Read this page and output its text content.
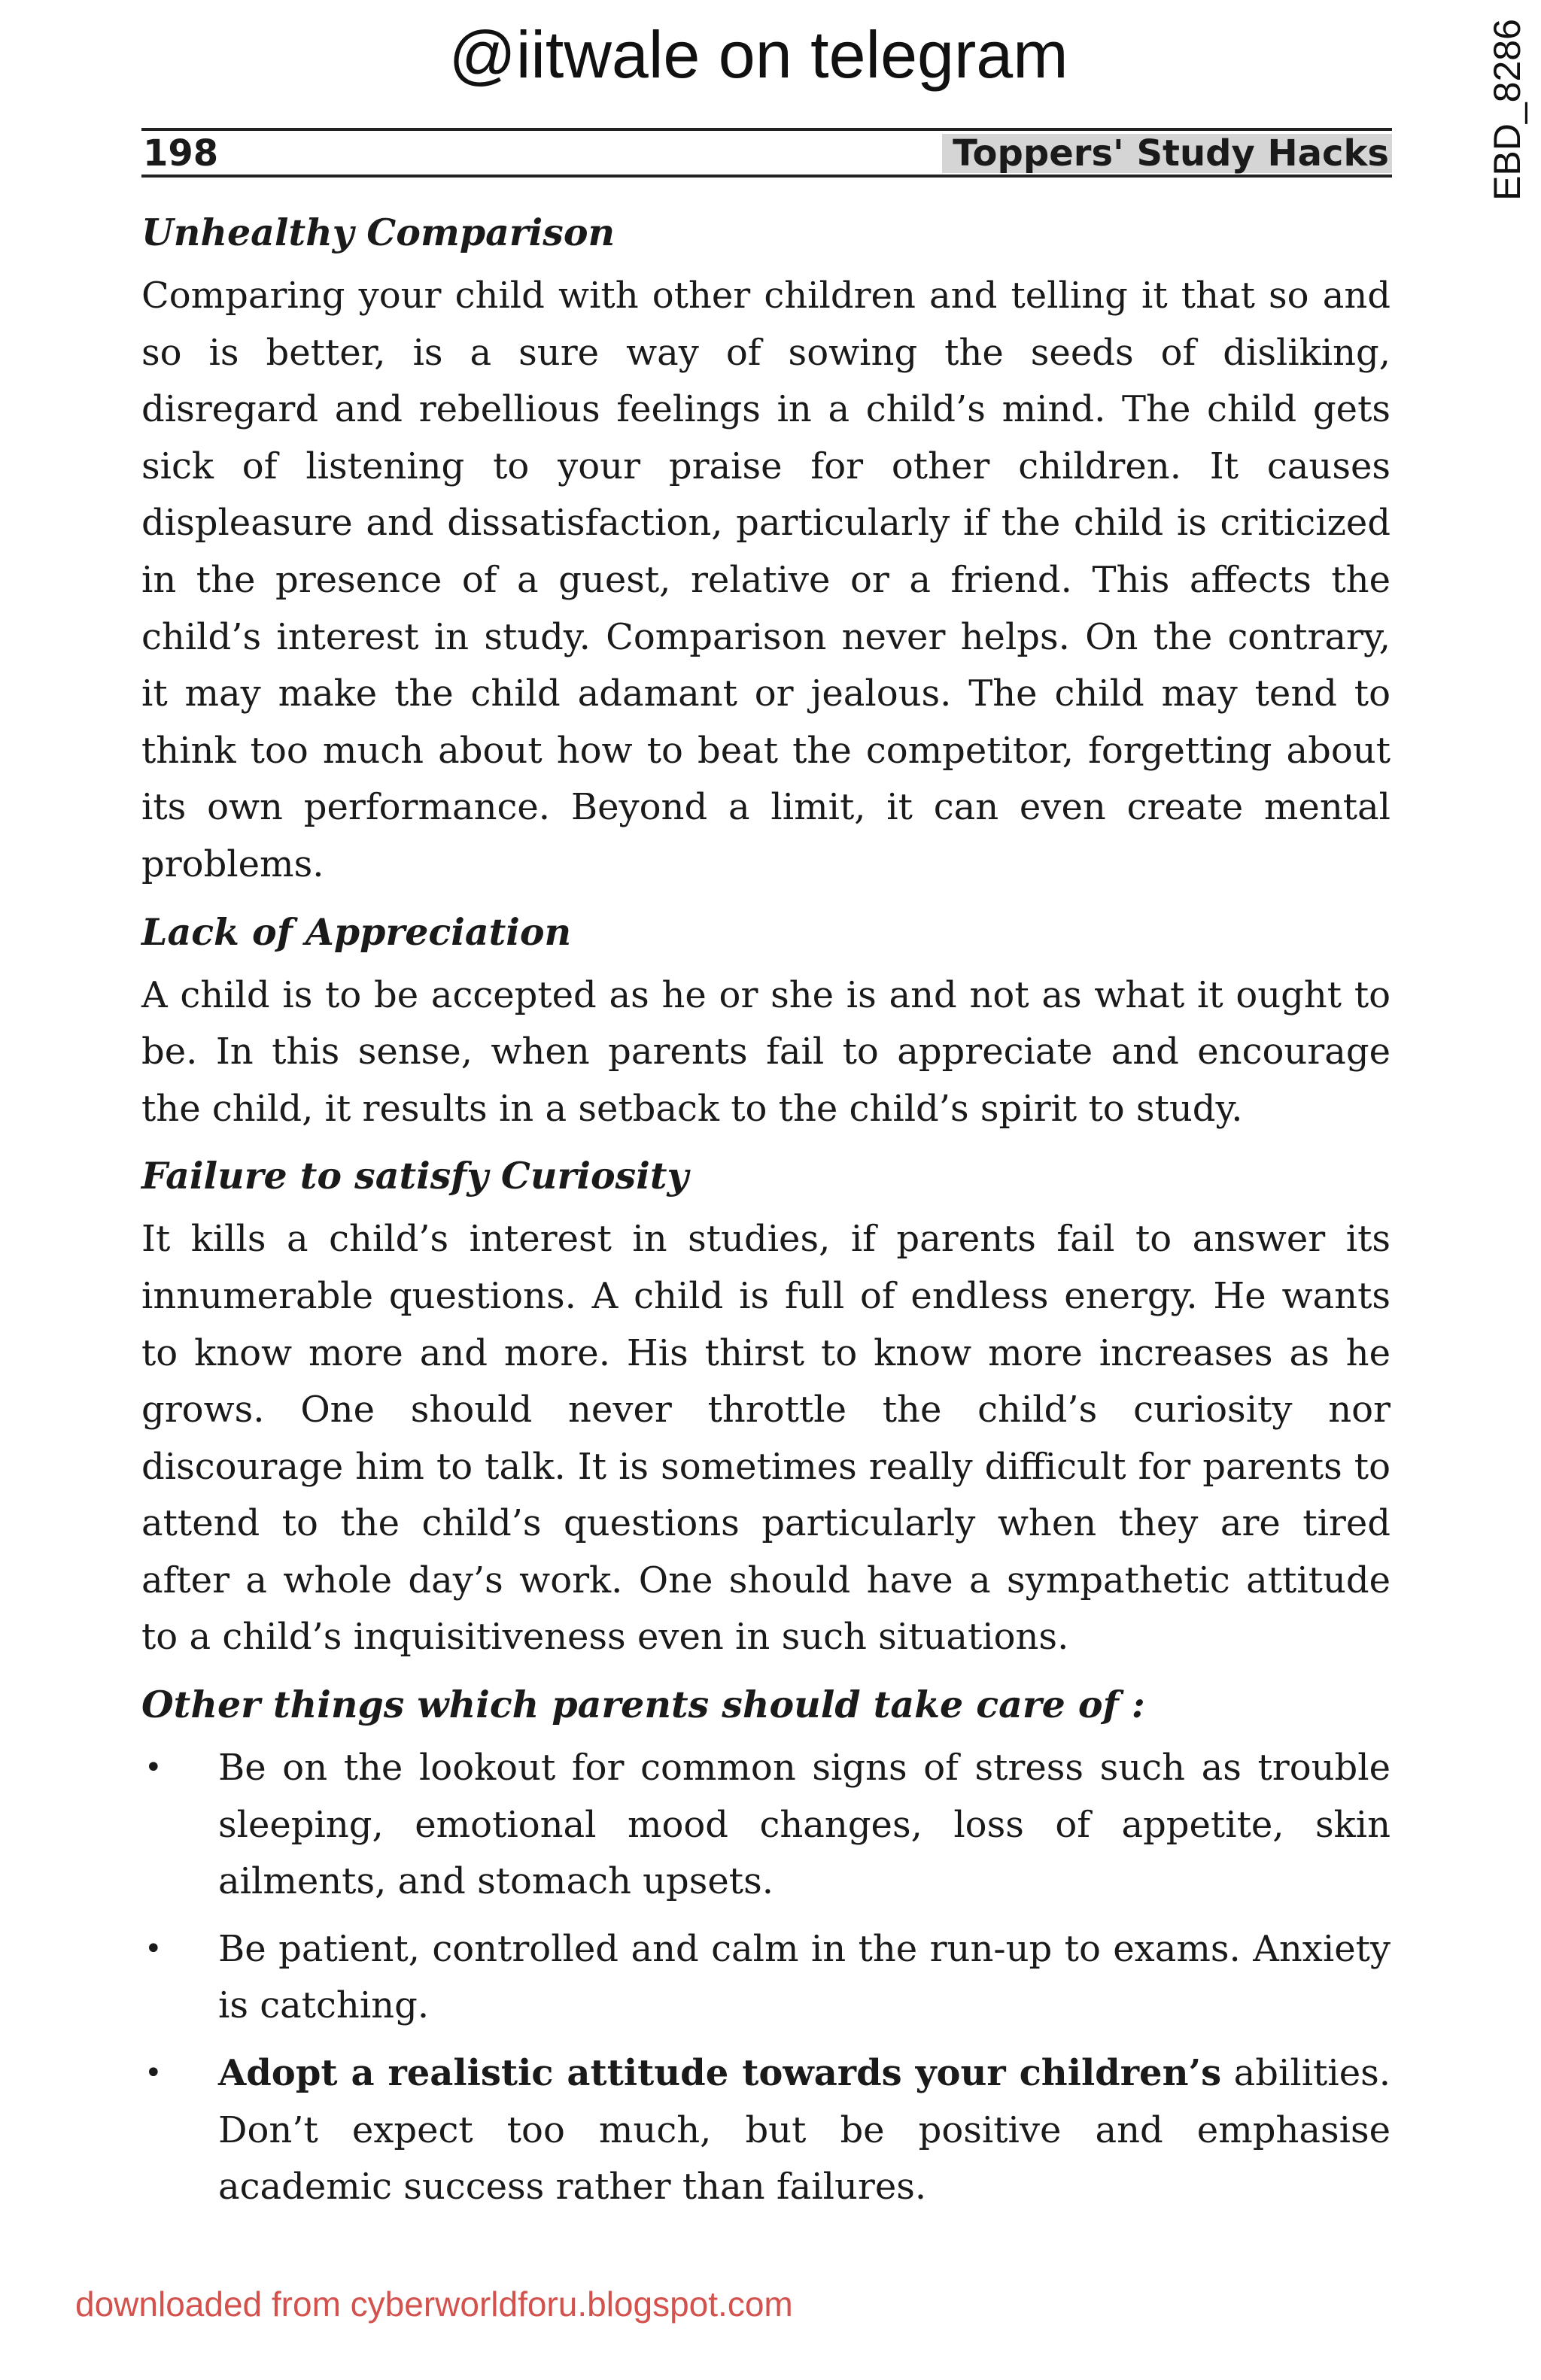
@iitwale on telegram	EBD_8286
198	Toppers' Study Hacks
Unhealthy Comparison

Comparing your child with other children and telling it that so and so is better, is a sure way of sowing the seeds of disliking, disregard and rebellious feelings in a child’s mind. The child gets sick of listening to your praise for other children. It causes displeasure and dissatisfaction, particularly if the child is criticized in the presence of a guest, relative or a friend. This affects the child’s interest in study. Comparison never helps. On the contrary, it may make the child adamant or jealous. The child may tend to think too much about how to beat the competitor, forgetting about its own performance. Beyond a limit, it can even create mental problems.

Lack of Appreciation

A child is to be accepted as he or she is and not as what it ought to be. In this sense, when parents fail to appreciate and encourage the child, it results in a setback to the child’s spirit to study.

Failure to satisfy Curiosity

It kills a child’s interest in studies, if parents fail to answer its innumerable questions. A child is full of endless energy. He wants to know more and more. His thirst to know more increases as he grows. One should never throttle the child’s curiosity nor discourage him to talk. It is sometimes really difficult for parents to attend to the child’s questions particularly when they are tired after a whole day’s work. One should have a sympathetic attitude to a child’s inquisitiveness even in such situations.

Other things which parents should take care of :
• Be on the lookout for common signs of stress such as trouble sleeping, emotional mood changes, loss of appetite, skin ailments, and stomach upsets.
• Be patient, controlled and calm in the run-up to exams. Anxiety is catching.
• Adopt a realistic attitude towards your children’s abilities. Don’t expect too much, but be positive and emphasise academic success rather than failures.
downloaded from cyberworldforu.blogspot.com
